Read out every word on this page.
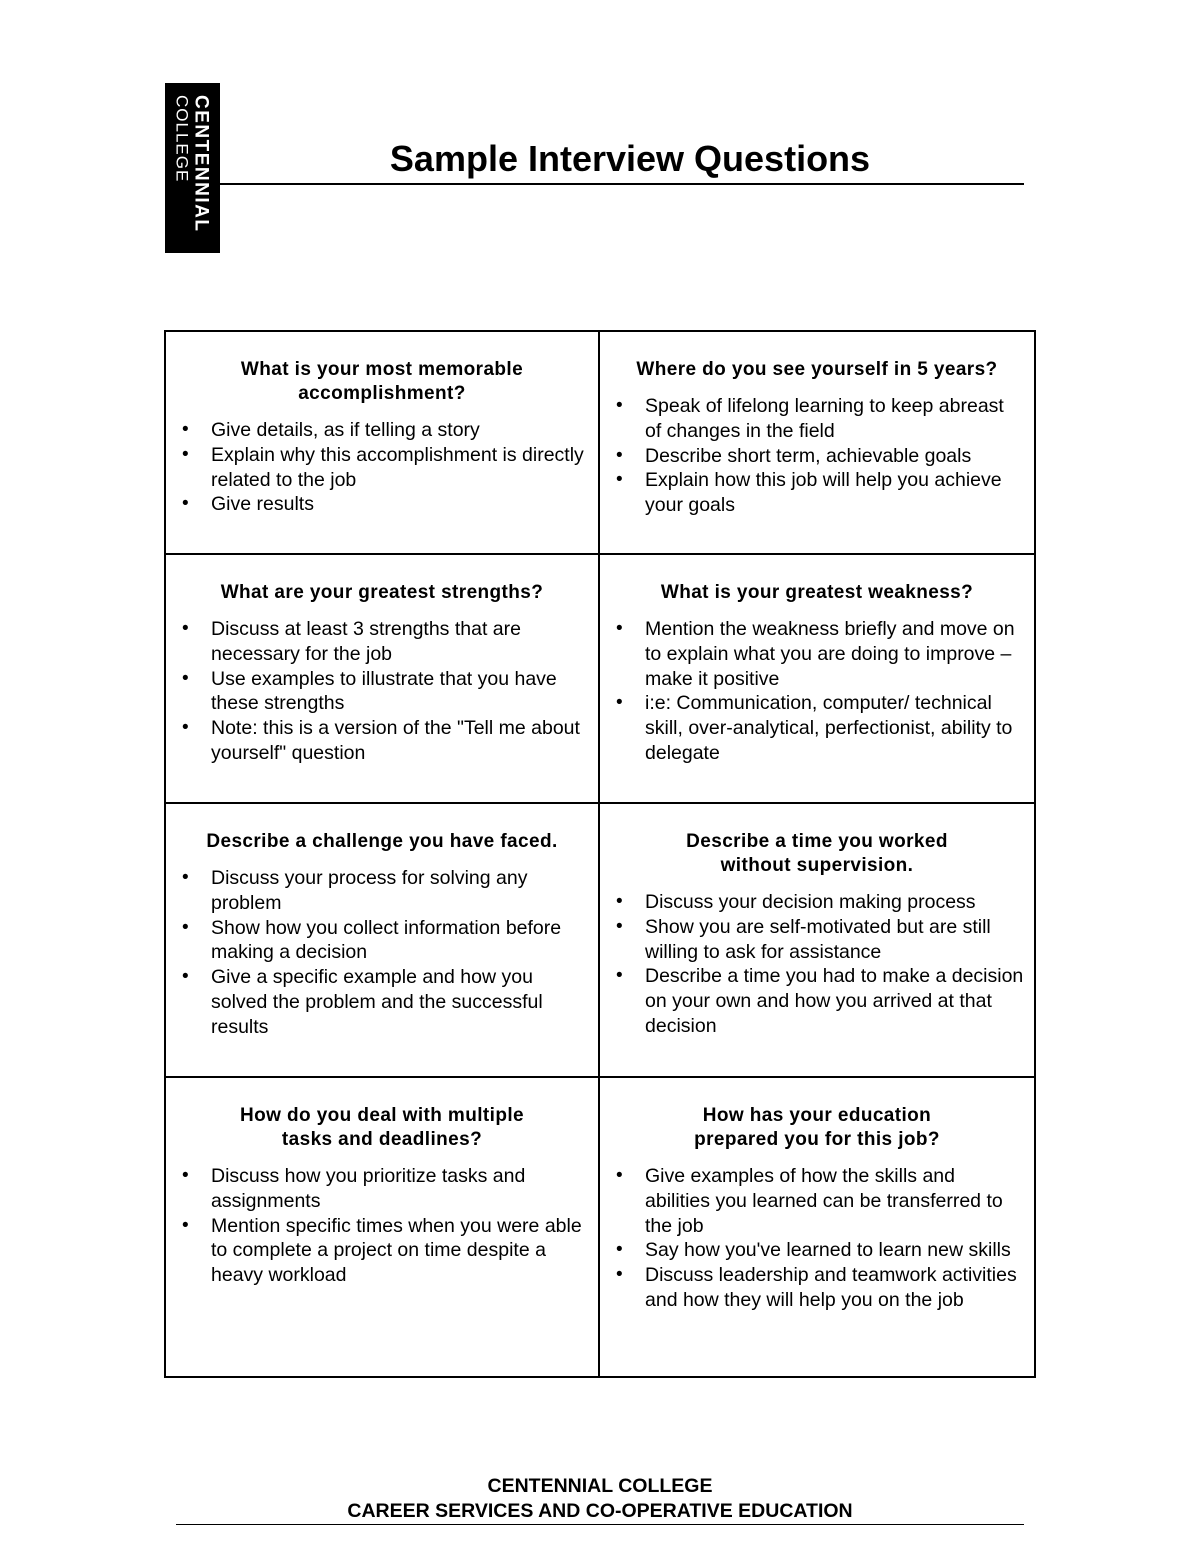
CENTENNIAL
COLLEGE	Sample Interview Questions
What is your most memorable
accomplishment?
• Give details, as if telling a story
• Explain why this accomplishment is directly related to the job
• Give results
Where do you see yourself in 5 years?
• Speak of lifelong learning to keep abreast of changes in the field
• Describe short term, achievable goals
• Explain how this job will help you achieve your goals
What are your greatest strengths?
• Discuss at least 3 strengths that are necessary for the job
• Use examples to illustrate that you have these strengths
• Note: this is a version of the "Tell me about yourself" question
What is your greatest weakness?
• Mention the weakness briefly and move on to explain what you are doing to improve – make it positive
• i:e: Communication, computer/ technical skill, over-analytical, perfectionist, ability to delegate
Describe a challenge you have faced.
• Discuss your process for solving any problem
• Show how you collect information before making a decision
• Give a specific example and how you solved the problem and the successful results
Describe a time you worked
without supervision.
• Discuss your decision making process
• Show you are self-motivated but are still willing to ask for assistance
• Describe a time you had to make a decision on your own and how you arrived at that decision
How do you deal with multiple
tasks and deadlines?
• Discuss how you prioritize tasks and assignments
• Mention specific times when you were able to complete a project on time despite a heavy workload
How has your education
prepared you for this job?
• Give examples of how the skills and abilities you learned can be transferred to the job
• Say how you've learned to learn new skills
• Discuss leadership and teamwork activities and how they will help you on the job
CENTENNIAL COLLEGE
CAREER SERVICES AND CO-OPERATIVE EDUCATION
